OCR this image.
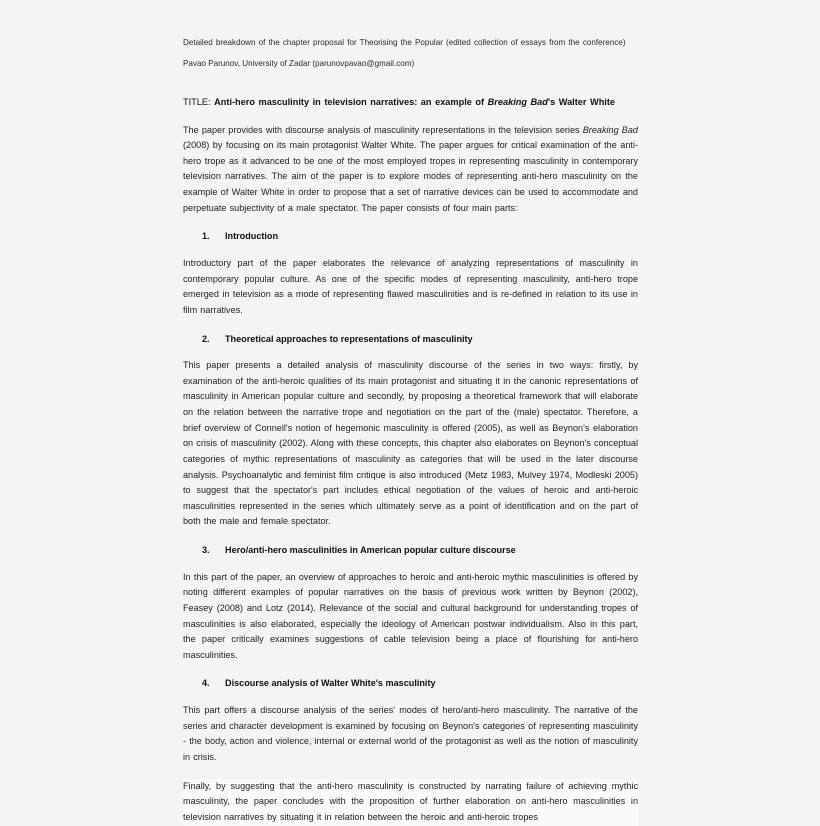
Detailed breakdown of the chapter proposal for Theorising the Popular (edited collection of essays from the conference)

Pavao Parunov, University of Zadar (parunovpavao@gmail.com)

TITLE: Anti-hero masculinity in television narratives: an example of Breaking Bad's Walter White

The paper provides with discourse analysis of masculinity representations in the television series Breaking Bad (2008) by focusing on its main protagonist Walter White. The paper argues for critical examination of the anti-hero trope as it advanced to be one of the most employed tropes in representing masculinity in contemporary television narratives. The aim of the paper is to explore modes of representing anti-hero masculinity on the example of Walter White in order to propose that a set of narrative devices can be used to accommodate and perpetuate subjectivity of a male spectator. The paper consists of four main parts:

1.	Introduction

Introductory part of the paper elaborates the relevance of analyzing representations of masculinity in contemporary popular culture. As one of the specific modes of representing masculinity, anti-hero trope emerged in television as a mode of representing flawed masculinities and is re-defined in relation to its use in film narratives.

2.	Theoretical approaches to representations of masculinity

This paper presents a detailed analysis of masculinity discourse of the series in two ways: firstly, by examination of the anti-heroic qualities of its main protagonist and situating it in the canonic representations of masculinity in American popular culture and secondly, by proposing a theoretical framework that will elaborate on the relation between the narrative trope and negotiation on the part of the (male) spectator. Therefore, a brief overview of Connell's notion of hegemonic masculinity is offered (2005), as well as Beynon's elaboration on crisis of masculinity (2002). Along with these concepts, this chapter also elaborates on Beynon's conceptual categories of mythic representations of masculinity as categories that will be used in the later discourse analysis. Psychoanalytic and feminist film critique is also introduced (Metz 1983, Mulvey 1974, Modleski 2005) to suggest that the spectator's part includes ethical negotiation of the values of heroic and anti-heroic masculinities represented in the series which ultimately serve as a point of identification and on the part of both the male and female spectator.

3.	Hero/anti-hero masculinities in American popular culture discourse

In this part of the paper, an overview of approaches to heroic and anti-heroic mythic masculinities is offered by noting different examples of popular narratives on the basis of previous work written by Beynon (2002), Feasey (2008) and Lotz (2014). Relevance of the social and cultural background for understanding tropes of masculinities is also elaborated, especially the ideology of American postwar individualism. Also in this part, the paper critically examines suggestions of cable television being a place of flourishing for anti-hero masculinities.

4.	Discourse analysis of Walter White's masculinity

This part offers a discourse analysis of the series' modes of hero/anti-hero masculinity. The narrative of the series and character development is examined by focusing on Beynon's categories of representing masculinity - the body, action and violence, internal or external world of the protagonist as well as the notion of masculinity in crisis.

Finally, by suggesting that the anti-hero masculinity is constructed by narrating failure of achieving mythic masculinity, the paper concludes with the proposition of further elaboration on anti-hero masculinities in television narratives by situating it in relation between the heroic and anti-heroic tropes
